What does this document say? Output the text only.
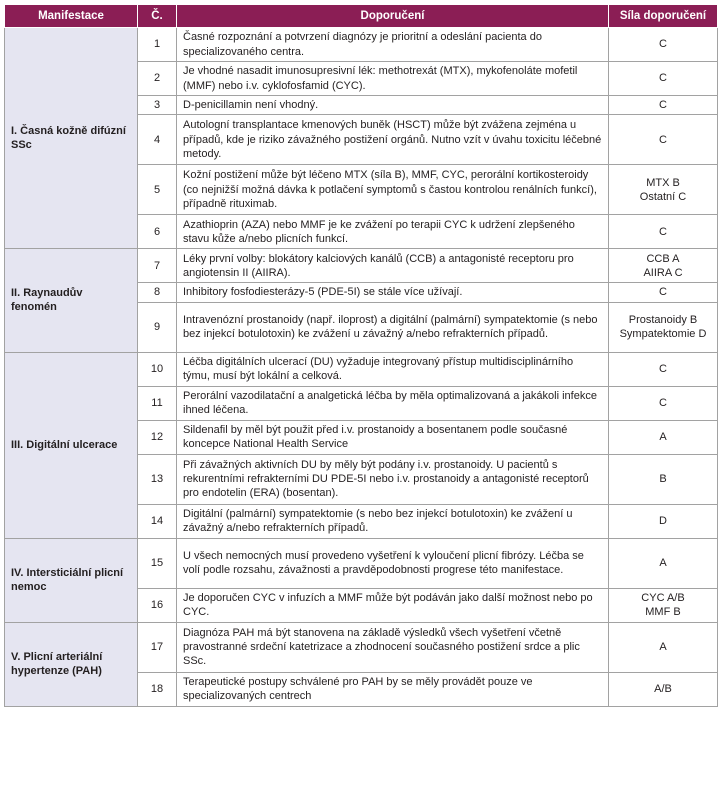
Manifestace	Č.	Doporučení	Síla doporučení
I. Časná kožně difúzní SSc	1	Časné rozpoznání a potvrzení diagnózy je prioritní a odeslání pacienta do specializovaného centra.	C

	2	Je vhodné nasadit imunosupresivní lék: methotrexát (MTX), mykofenoláte mofetil (MMF) nebo i.v. cyklofosfamid (CYC).	C

	3	D-penicillamin není vhodný.	C

	4	Autologní transplantace kmenových buněk (HSCT) může být zvážena zejména u případů, kde je riziko závažného postižení orgánů. Nutno vzít v úvahu toxicitu léčebné metody.	C

	5	Kožní postižení může být léčeno MTX (síla B), MMF, CYC, perorální kortikosteroidy (co nejnižší možná dávka k potlačení symptomů s častou kontrolou renálních funkcí), případně rituximab.	MTX B
Ostatní C

	6	Azathioprin (AZA) nebo MMF je ke zvážení po terapii CYC k udržení zlepšeného stavu kůže a/nebo plicních funkcí.	C

II. Raynaudův fenomén	7	Léky první volby: blokátory kalciových kanálů (CCB) a antagonisté receptoru pro angiotensin II (AIIRA).	CCB A
AIIRA C

	8	Inhibitory fosfodiesterázy-5 (PDE-5I) se stále více užívají.	C

	9	Intravenózní prostanoidy (např. iloprost) a digitální (palmární) sympatektomie (s nebo bez injekcí botulotoxin) ke zvážení u závažný a/nebo refrakterních případů.	Prostanoidy B
Sympatektomie D

III. Digitální ulcerace	10	Léčba digitálních ulcerací (DU) vyžaduje integrovaný přístup multidisciplinárního týmu, musí být lokální a celková.	C

	11	Perorální vazodilatační a analgetická léčba by měla optimalizovaná a jakákoli infekce ihned léčena.	C

	12	Sildenafil by měl být použit před i.v. prostanoidy a bosentanem podle současné koncepce National Health Service	A

	13	Při závažných aktivních DU by měly být podány i.v. prostanoidy. U pacientů s rekurentními refrakterními DU PDE-5I nebo i.v. prostanoidy a antagonisté receptorů pro endotelin (ERA) (bosentan).	B

	14	Digitální (palmární) sympatektomie (s nebo bez injekcí botulotoxin) ke zvážení u závažný a/nebo refrakterních případů.	D

IV. Intersticiální plicní nemoc	15	U všech nemocných musí provedeno vyšetření k vyloučení plicní fibrózy. Léčba se volí podle rozsahu, závažnosti a pravděpodobnosti progrese této manifestace.	A

	16	Je doporučen CYC v infuzích a MMF může být podáván jako další možnost nebo po CYC.	CYC A/B
MMF B

V. Plicní arteriální hypertenze (PAH)	17	Diagnóza PAH má být stanovena na základě výsledků všech vyšetření včetně pravostranné srdeční katetrizace a zhodnocení současného postižení srdce a plic SSc.	A

	18	Terapeutické postupy schválené pro PAH by se měly provádět pouze ve specializovaných centrech	A/B
